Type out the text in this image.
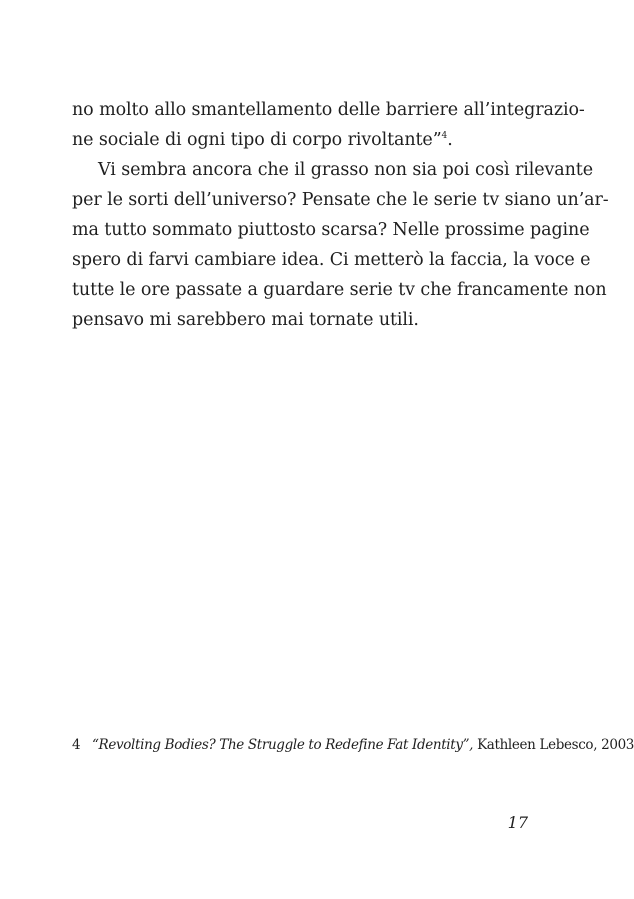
no molto allo smantellamento delle barriere all’integrazio-
ne sociale di ogni tipo di corpo rivoltante”$^4$.
Vi sembra ancora che il grasso non sia poi così rilevante
per le sorti dell’universo? Pensate che le serie tv siano un’ar-
ma tutto sommato piuttosto scarsa? Nelle prossime pagine
spero di farvi cambiare idea. Ci metterò la faccia, la voce e
tutte le ore passate a guardare serie tv che francamente non
pensavo mi sarebbero mai tornate utili.
4 “Revolting Bodies? The Struggle to Redefine Fat Identity”, Kathleen Lebesco, 2003
17
